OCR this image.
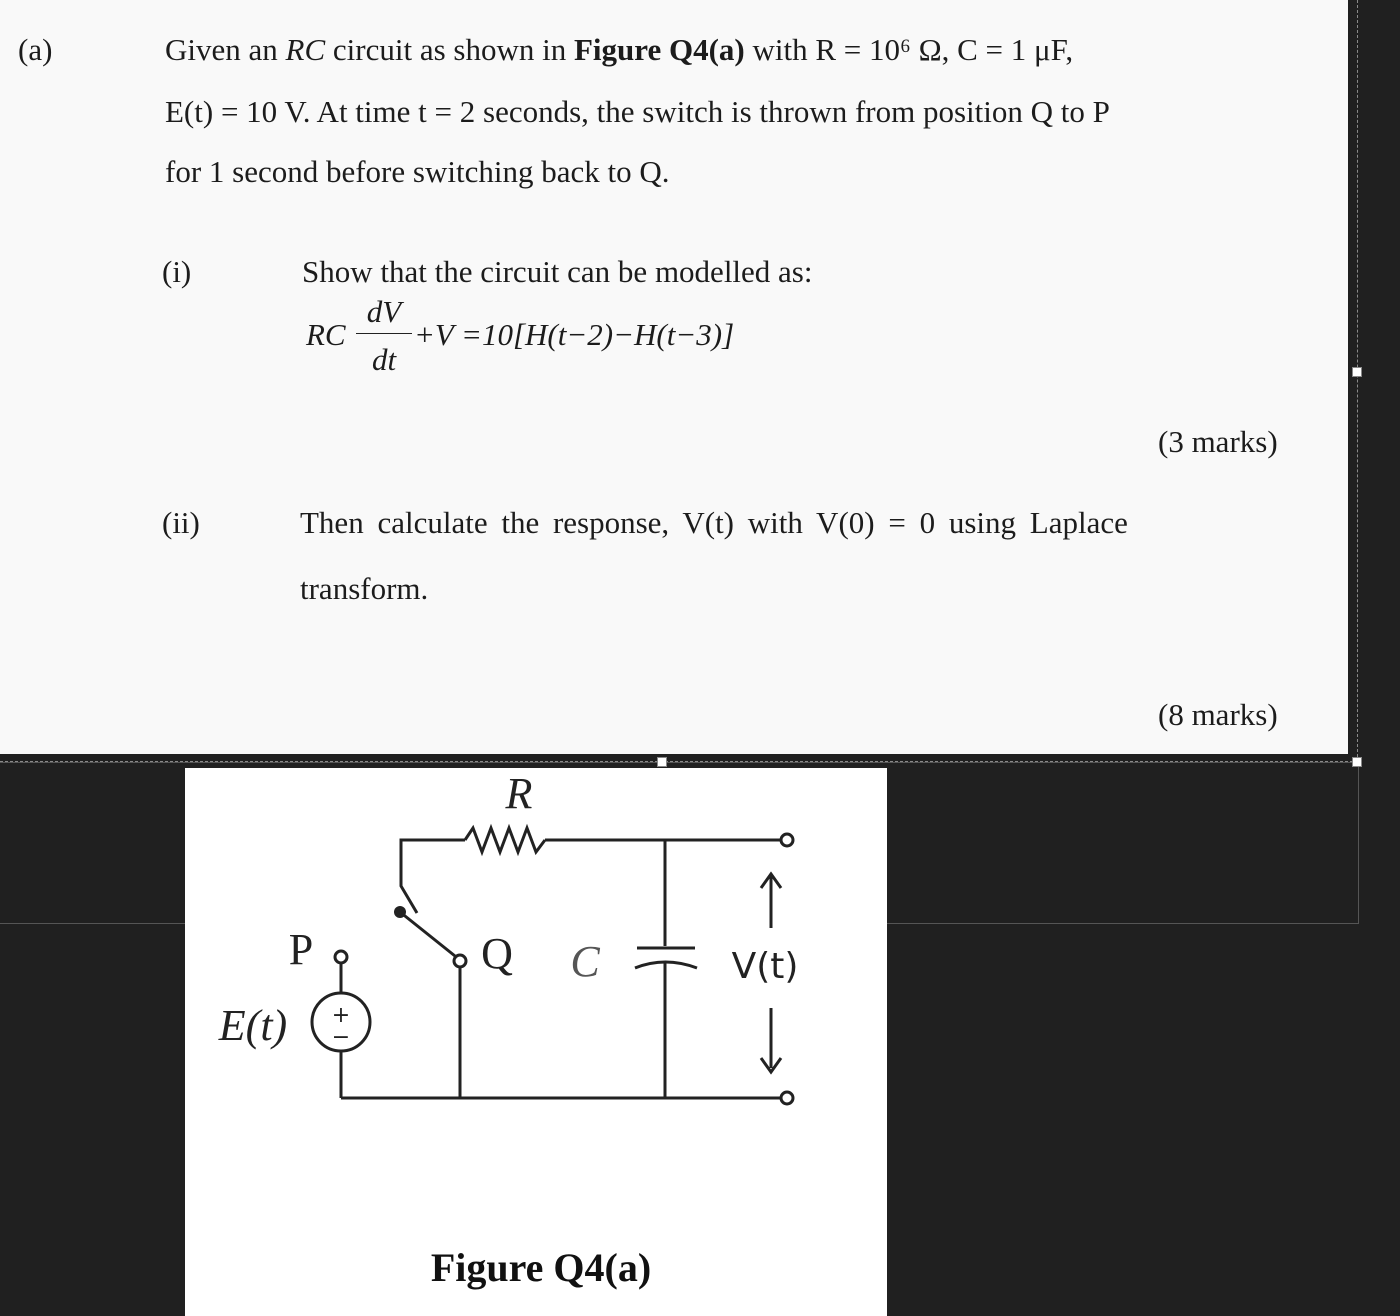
(a)	Given an RC circuit as shown in Figure Q4(a) with R = 10⁶ Ω, C = 1 μF,
E(t) = 10 V. At time t = 2 seconds, the switch is thrown from position Q to P
for 1 second before switching back to Q.
(i)	Show that the circuit can be modelled as:
RC
dV
dt
+V =10[H(t−2)−H(t−3)]
(3 marks)
(ii)	Then calculate the response, V(t) with V(0) = 0 using Laplace
transform.
(8 marks)
R
C
P	Q
E(t)
V(t)
+
−
Figure Q4(a)
